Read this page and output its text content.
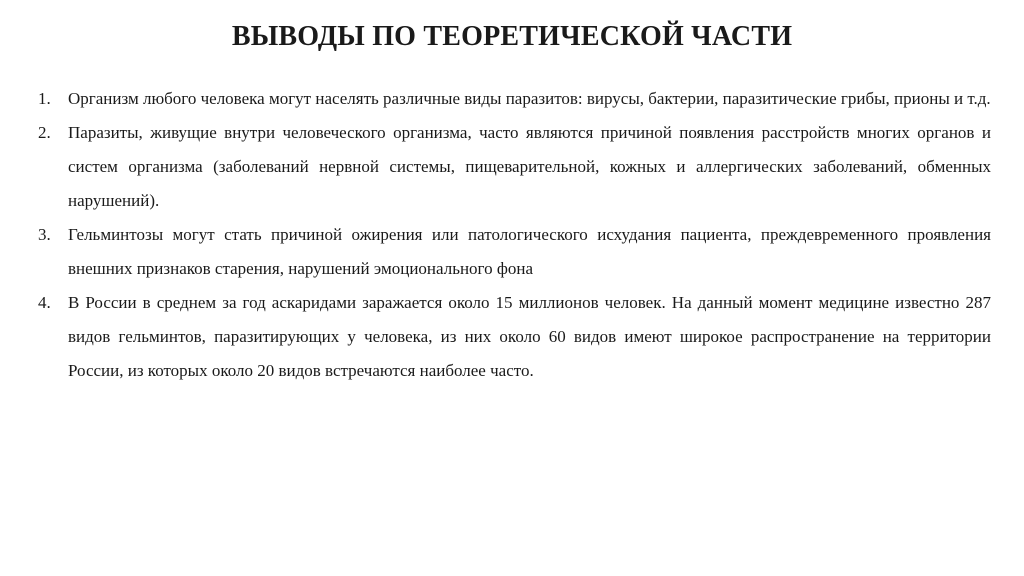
ВЫВОДЫ ПО ТЕОРЕТИЧЕСКОЙ ЧАСТИ
1. Организм любого человека могут населять различные виды паразитов: вирусы, бактерии, паразитические грибы, прионы и т.д.
2. Паразиты, живущие внутри человеческого организма, часто являются причиной появления расстройств многих органов и систем организма (заболеваний нервной системы, пищеварительной, кожных и аллергических заболеваний, обменных нарушений).
3. Гельминтозы могут стать причиной ожирения или патологического исхудания пациента, преждевременного проявления внешних признаков старения, нарушений эмоционального фона
4. В России в среднем за год аскаридами заражается около 15 миллионов человек. На данный момент медицине известно 287 видов гельминтов, паразитирующих у человека, из них около 60 видов имеют широкое распространение на территории России, из которых около 20 видов встречаются наиболее часто.
